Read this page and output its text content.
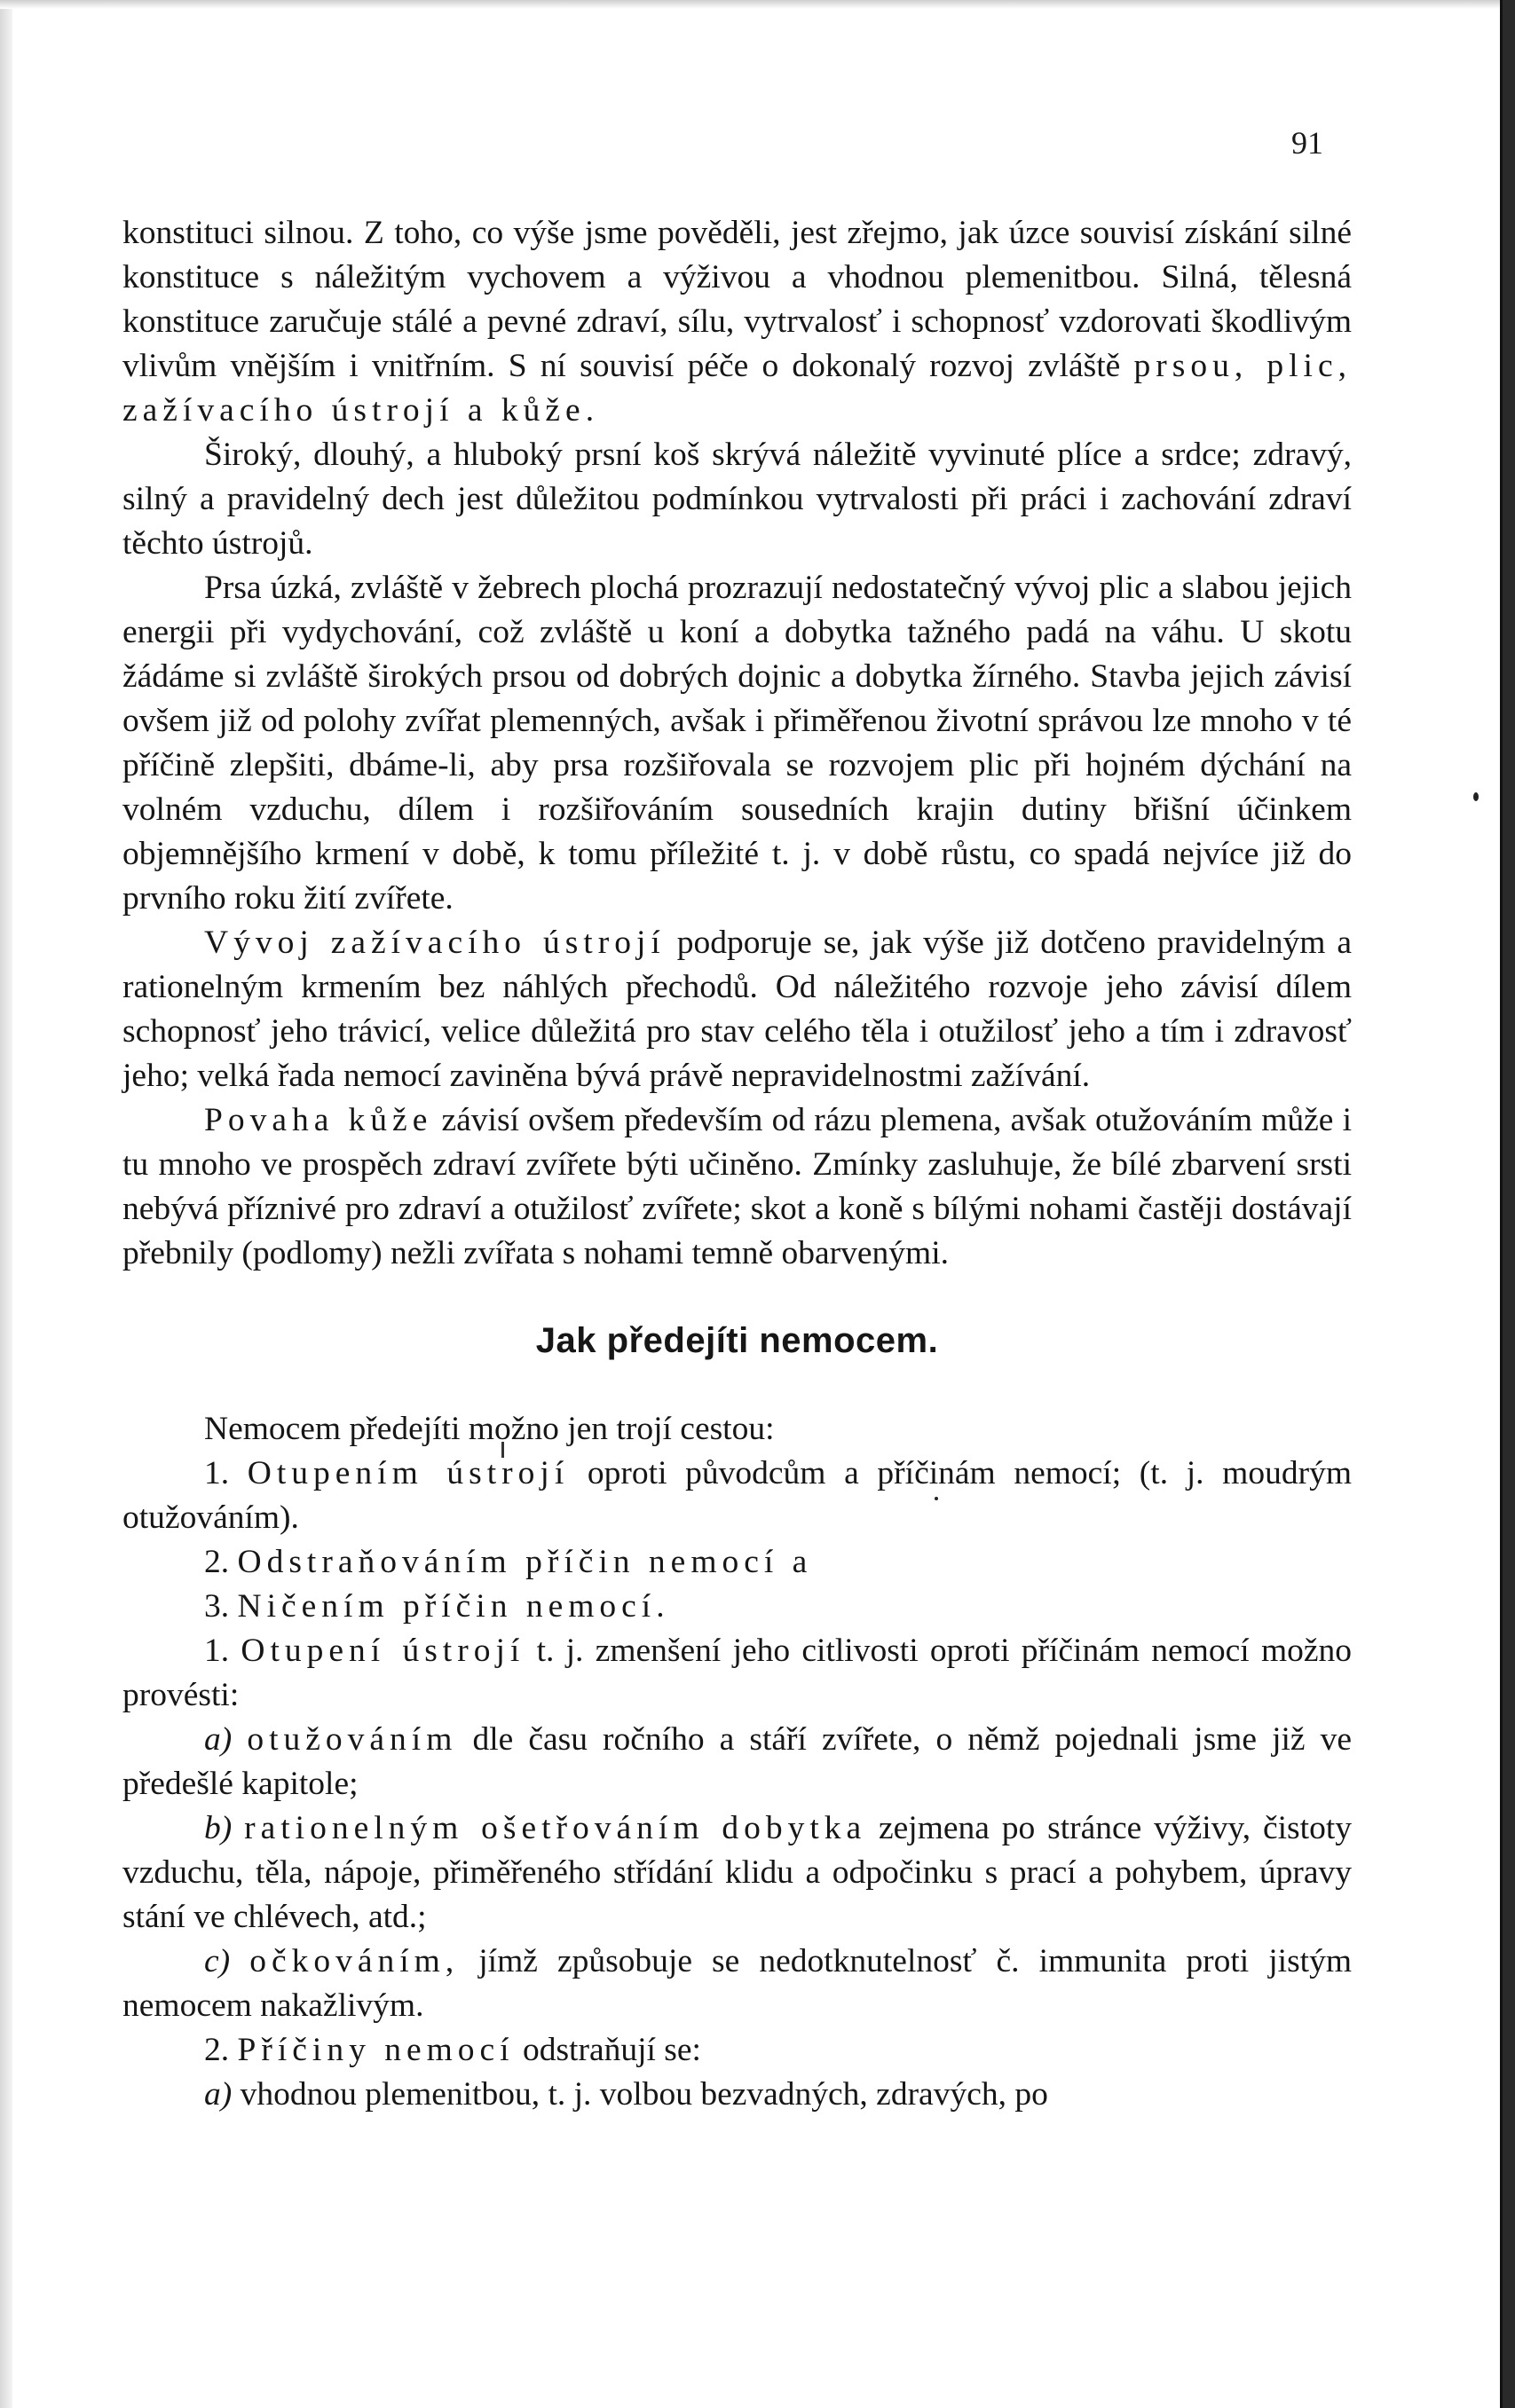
91

konstituci silnou. Z toho, co výše jsme pověděli, jest zřejmo, jak úzce souvisí získání silné konstituce s náležitým vychovem a výživou a vhodnou plemenitbou. Silná, tělesná konstituce zaručuje stálé a pevné zdraví, sílu, vytrvalosť i schopnosť vzdorovati škodlivým vlivům vnějším i vnitřním. S ní souvisí péče o dokonalý rozvoj zvláště prsou, plic, zažívacího ústrojí a kůže.

Široký, dlouhý, a hluboký prsní koš skrývá náležitě vyvinuté plíce a srdce; zdravý, silný a pravidelný dech jest důležitou podmínkou vytrvalosti při práci i zachování zdraví těchto ústrojů.

Prsa úzká, zvláště v žebrech plochá prozrazují nedostatečný vývoj plic a slabou jejich energii při vydychování, což zvláště u koní a dobytka tažného padá na váhu. U skotu žádáme si zvláště širokých prsou od dobrých dojnic a dobytka žírného. Stavba jejich závisí ovšem již od polohy zvířat plemenných, avšak i přiměřenou životní správou lze mnoho v té příčině zlepšiti, dbáme-li, aby prsa rozšiřovala se rozvojem plic při hojném dýchání na volném vzduchu, dílem i rozšiřováním sousedních krajin dutiny břišní účinkem objemnějšího krmení v době, k tomu příležité t. j. v době růstu, co spadá nejvíce již do prvního roku žití zvířete.

Vývoj zažívacího ústrojí podporuje se, jak výše již dotčeno pravidelným a rationelným krmením bez náhlých přechodů. Od náležitého rozvoje jeho závisí dílem schopnosť jeho trávicí, velice důležitá pro stav celého těla i otužilosť jeho a tím i zdravosť jeho; velká řada nemocí zaviněna bývá právě nepravidelnostmi zažívání.

Povaha kůže závisí ovšem především od rázu plemena, avšak otužováním může i tu mnoho ve prospěch zdraví zvířete býti učiněno. Zmínky zasluhuje, že bílé zbarvení srsti nebývá příznivé pro zdraví a otužilosť zvířete; skot a koně s bílými nohami častěji dostávají přebnily (podlomy) nežli zvířata s nohami temně obarvenými.

Jak předejíti nemocem.

Nemocem předejíti možno jen trojí cestou:

1. Otupením ústrojí oproti původcům a příčinám nemocí; (t. j. moudrým otužováním).

2. Odstraňováním příčin nemocí a

3. Ničením příčin nemocí.

1. Otupení ústrojí t. j. zmenšení jeho citlivosti oproti příčinám nemocí možno provésti:

a) otužováním dle času ročního a stáří zvířete, o němž pojednali jsme již ve předešlé kapitole;

b) rationelným ošetřováním dobytka zejmena po stránce výživy, čistoty vzduchu, těla, nápoje, přiměřeného střídání klidu a odpočinku s prací a pohybem, úpravy stání ve chlévech, atd.;

c) očkováním, jímž způsobuje se nedotknutelnosť č. immunita proti jistým nemocem nakažlivým.

2. Příčiny nemocí odstraňují se:

a) vhodnou plemenitbou, t. j. volbou bezvadných, zdravých, po
